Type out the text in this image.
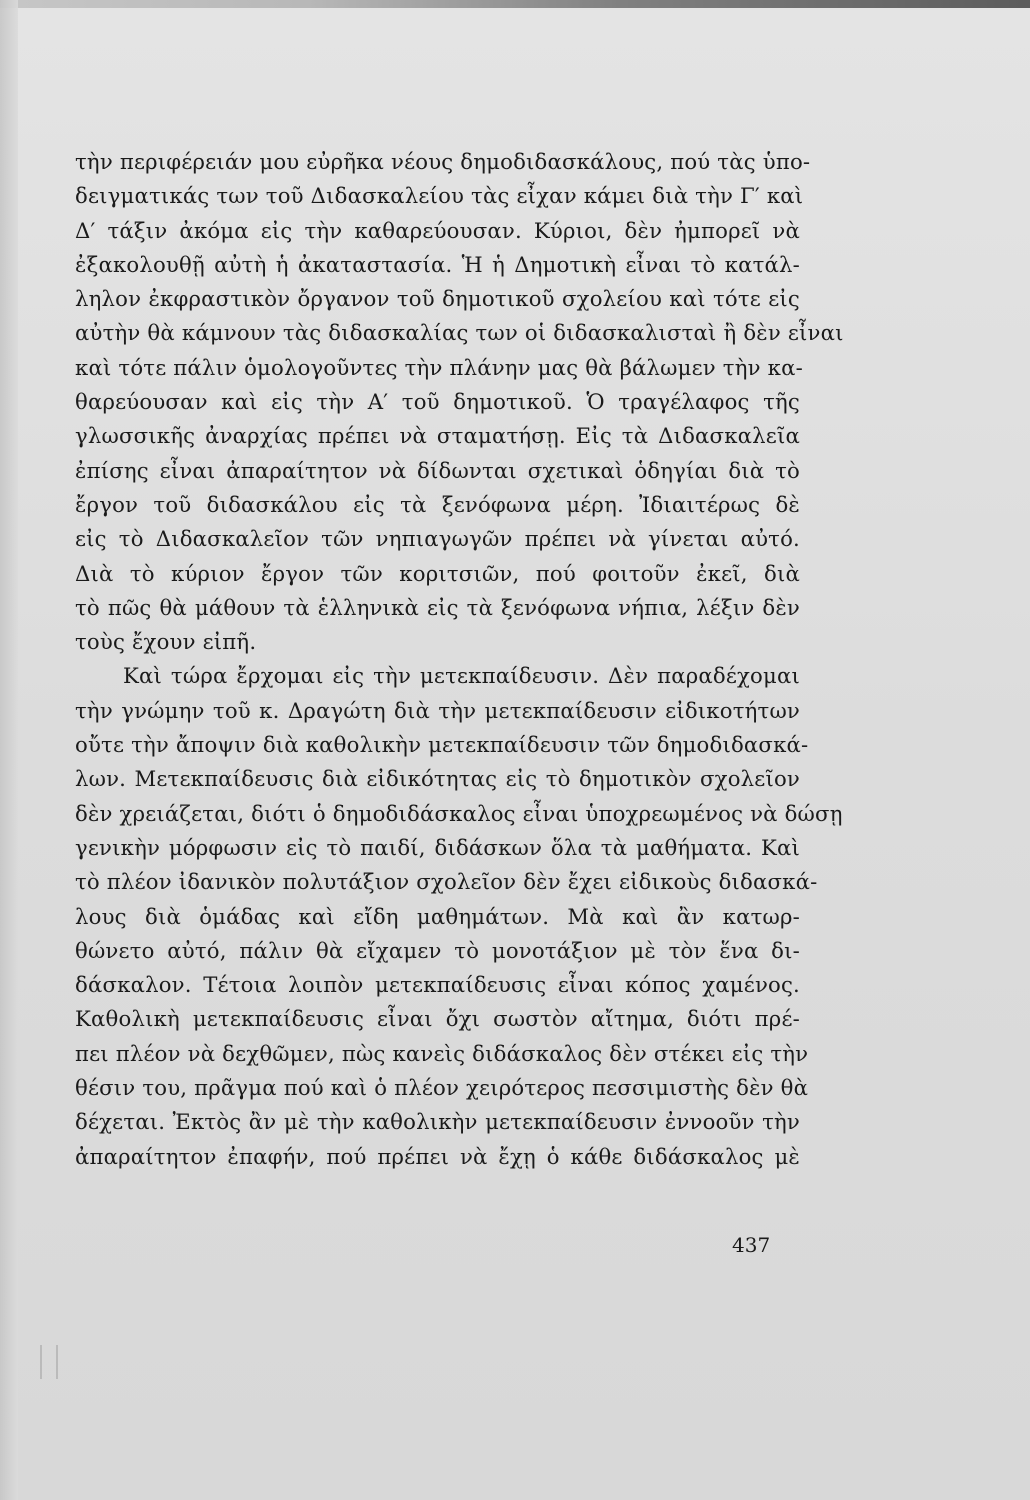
τὴν περιφέρειάν μου εὐρῆκα νέους δημοδιδασκάλους, πού τὰς ὑπο-
δειγματικάς των τοῦ Διδασκαλείου τὰς εἶχαν κάμει διὰ τὴν Γ′ καὶ
Δ′ τάξιν ἀκόμα εἰς τὴν καθαρεύουσαν. Κύριοι, δὲν ἠμπορεῖ νὰ
ἐξακολουθῇ αὐτὴ ἡ ἀκαταστασία. Ἡ ἡ Δημοτικὴ εἶναι τὸ κατάλ-
ληλον ἐκφραστικὸν ὄργανον τοῦ δημοτικοῦ σχολείου καὶ τότε εἰς
αὐτὴν θὰ κάμνουν τὰς διδασκαλίας των οἱ διδασκαλισταὶ ἢ δὲν εἶναι
καὶ τότε πάλιν ὁμολογοῦντες τὴν πλάνην μας θὰ βάλωμεν τὴν κα-
θαρεύουσαν καὶ εἰς τὴν Α′ τοῦ δημοτικοῦ. Ὁ τραγέλαφος τῆς
γλωσσικῆς ἀναρχίας πρέπει νὰ σταματήσῃ. Εἰς τὰ Διδασκαλεῖα
ἐπίσης εἶναι ἀπαραίτητον νὰ δίδωνται σχετικαὶ ὁδηγίαι διὰ τὸ
ἔργον τοῦ διδασκάλου εἰς τὰ ξενόφωνα μέρη. Ἰδιαιτέρως δὲ
εἰς τὸ Διδασκαλεῖον τῶν νηπιαγωγῶν πρέπει νὰ γίνεται αὐτό.
Διὰ τὸ κύριον ἔργον τῶν κοριτσιῶν, πού φοιτοῦν ἐκεῖ, διὰ
τὸ πῶς θὰ μάθουν τὰ ἑλληνικὰ εἰς τὰ ξενόφωνα νήπια, λέξιν δὲν
τοὺς ἔχουν εἰπῆ.
Καὶ τώρα ἔρχομαι εἰς τὴν μετεκπαίδευσιν. Δὲν παραδέχομαι
τὴν γνώμην τοῦ κ. Δραγώτη διὰ τὴν μετεκπαίδευσιν εἰδικοτήτων
οὔτε τὴν ἄποψιν διὰ καθολικὴν μετεκπαίδευσιν τῶν δημοδιδασκά-
λων. Μετεκπαίδευσις διὰ εἰδικότητας εἰς τὸ δημοτικὸν σχολεῖον
δὲν χρειάζεται, διότι ὁ δημοδιδάσκαλος εἶναι ὑποχρεωμένος νὰ δώσῃ
γενικὴν μόρφωσιν εἰς τὸ παιδί, διδάσκων ὅλα τὰ μαθήματα. Καὶ
τὸ πλέον ἰδανικὸν πολυτάξιον σχολεῖον δὲν ἔχει εἰδικοὺς διδασκά-
λους διὰ ὁμάδας καὶ εἴδη μαθημάτων. Μὰ καὶ ἂν κατωρ-
θώνετο αὐτό, πάλιν θὰ εἴχαμεν τὸ μονοτάξιον μὲ τὸν ἕνα δι-
δάσκαλον. Τέτοια λοιπὸν μετεκπαίδευσις εἶναι κόπος χαμένος.
Καθολικὴ μετεκπαίδευσις εἶναι ὄχι σωστὸν αἴτημα, διότι πρέ-
πει πλέον νὰ δεχθῶμεν, πὼς κανεὶς διδάσκαλος δὲν στέκει εἰς τὴν
θέσιν του, πρᾶγμα πού καὶ ὁ πλέον χειρότερος πεσσιμιστὴς δὲν θὰ
δέχεται. Ἐκτὸς ἂν μὲ τὴν καθολικὴν μετεκπαίδευσιν ἐννοοῦν τὴν
ἀπαραίτητον ἐπαφήν, πού πρέπει νὰ ἔχῃ ὁ κάθε διδάσκαλος μὲ
437
